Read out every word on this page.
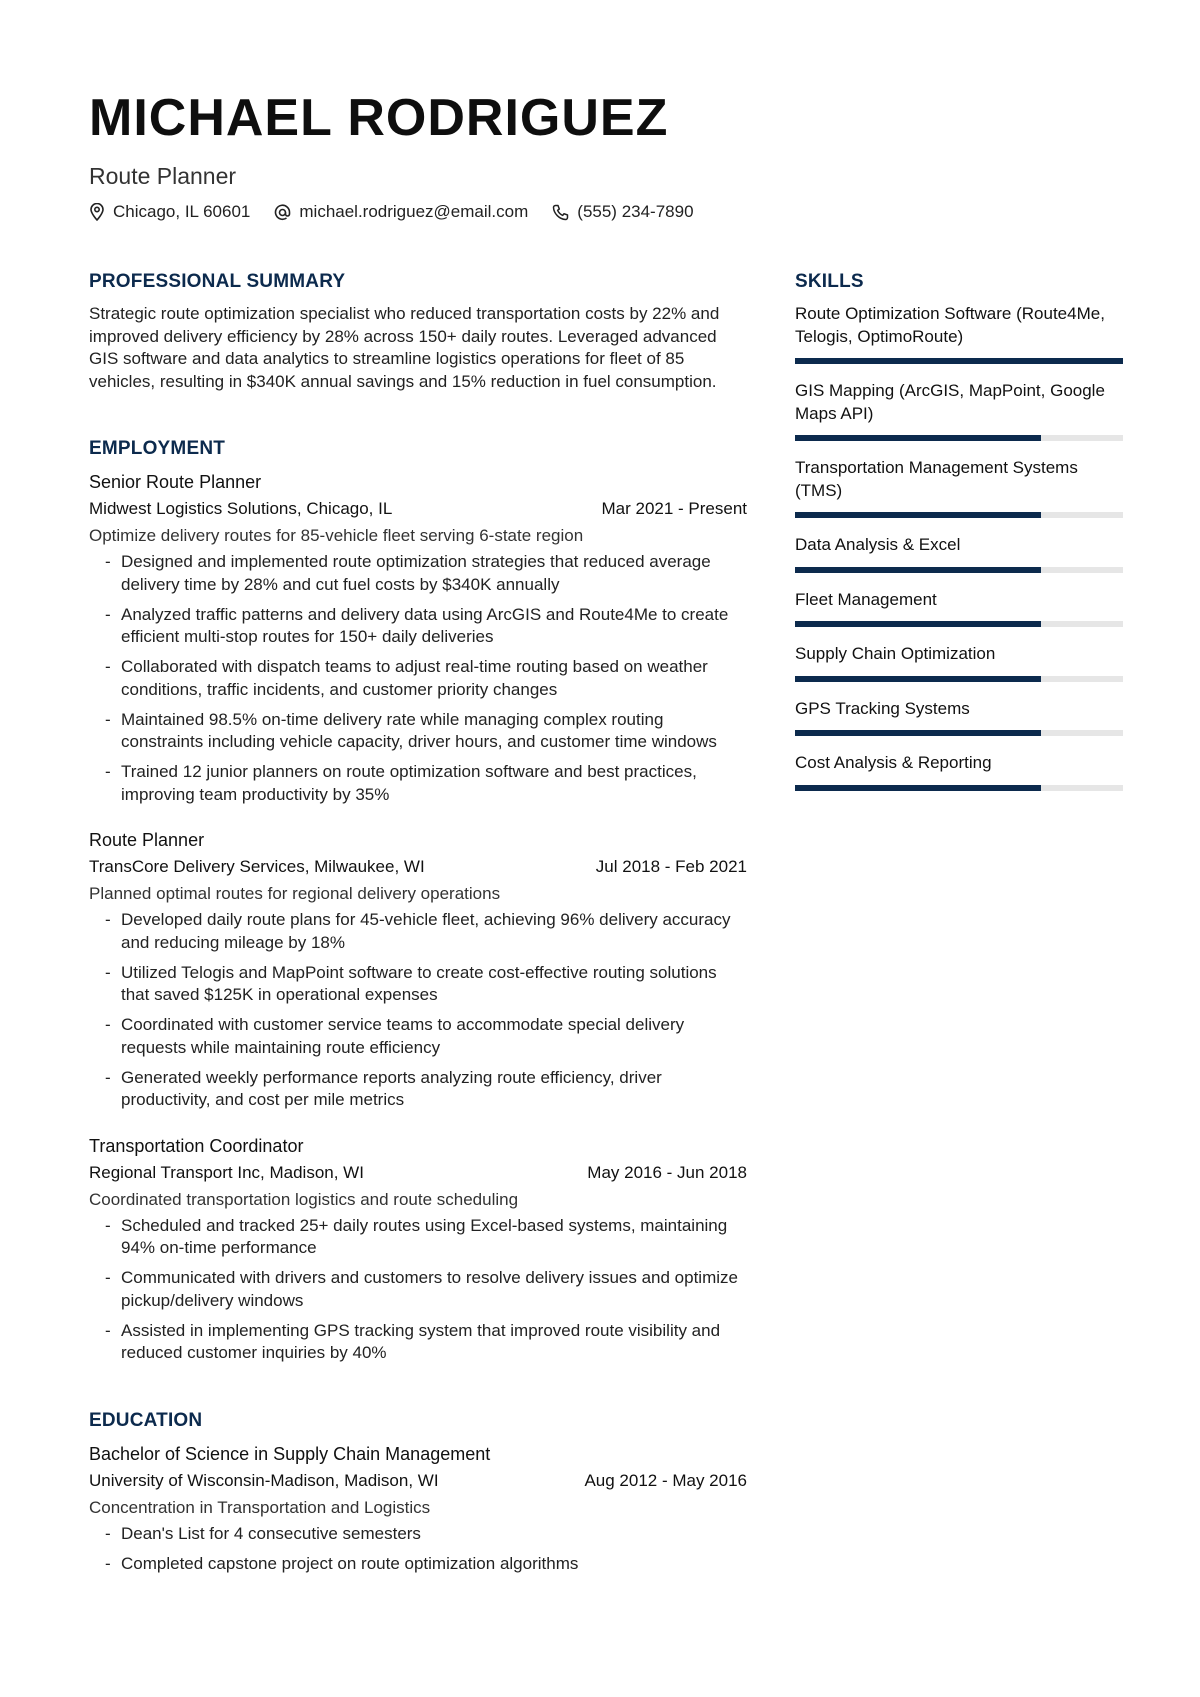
MICHAEL RODRIGUEZ
Route Planner
Chicago, IL 60601	michael.rodriguez@email.com	(555) 234-7890
PROFESSIONAL SUMMARY

Strategic route optimization specialist who reduced transportation costs by 22% and improved delivery efficiency by 28% across 150+ daily routes. Leveraged advanced GIS software and data analytics to streamline logistics operations for fleet of 85 vehicles, resulting in $340K annual savings and 15% reduction in fuel consumption.

EMPLOYMENT
Senior Route Planner
Midwest Logistics Solutions, Chicago, IL	Mar 2021 - Present
Optimize delivery routes for 85-vehicle fleet serving 6-state region
- Designed and implemented route optimization strategies that reduced average delivery time by 28% and cut fuel costs by $340K annually
- Analyzed traffic patterns and delivery data using ArcGIS and Route4Me to create efficient multi-stop routes for 150+ daily deliveries
- Collaborated with dispatch teams to adjust real-time routing based on weather conditions, traffic incidents, and customer priority changes
- Maintained 98.5% on-time delivery rate while managing complex routing constraints including vehicle capacity, driver hours, and customer time windows
- Trained 12 junior planners on route optimization software and best practices, improving team productivity by 35%
Route Planner
TransCore Delivery Services, Milwaukee, WI	Jul 2018 - Feb 2021
Planned optimal routes for regional delivery operations
- Developed daily route plans for 45-vehicle fleet, achieving 96% delivery accuracy and reducing mileage by 18%
- Utilized Telogis and MapPoint software to create cost-effective routing solutions that saved $125K in operational expenses
- Coordinated with customer service teams to accommodate special delivery requests while maintaining route efficiency
- Generated weekly performance reports analyzing route efficiency, driver productivity, and cost per mile metrics
Transportation Coordinator
Regional Transport Inc, Madison, WI	May 2016 - Jun 2018
Coordinated transportation logistics and route scheduling
- Scheduled and tracked 25+ daily routes using Excel-based systems, maintaining 94% on-time performance
- Communicated with drivers and customers to resolve delivery issues and optimize pickup/delivery windows
- Assisted in implementing GPS tracking system that improved route visibility and reduced customer inquiries by 40%
EDUCATION
Bachelor of Science in Supply Chain Management
University of Wisconsin-Madison, Madison, WI	Aug 2012 - May 2016
Concentration in Transportation and Logistics
- Dean's List for 4 consecutive semesters
- Completed capstone project on route optimization algorithms
SKILLS
Route Optimization Software (Route4Me, Telogis, OptimoRoute)
GIS Mapping (ArcGIS, MapPoint, Google Maps API)
Transportation Management Systems (TMS)
Data Analysis & Excel
Fleet Management
Supply Chain Optimization
GPS Tracking Systems
Cost Analysis & Reporting
